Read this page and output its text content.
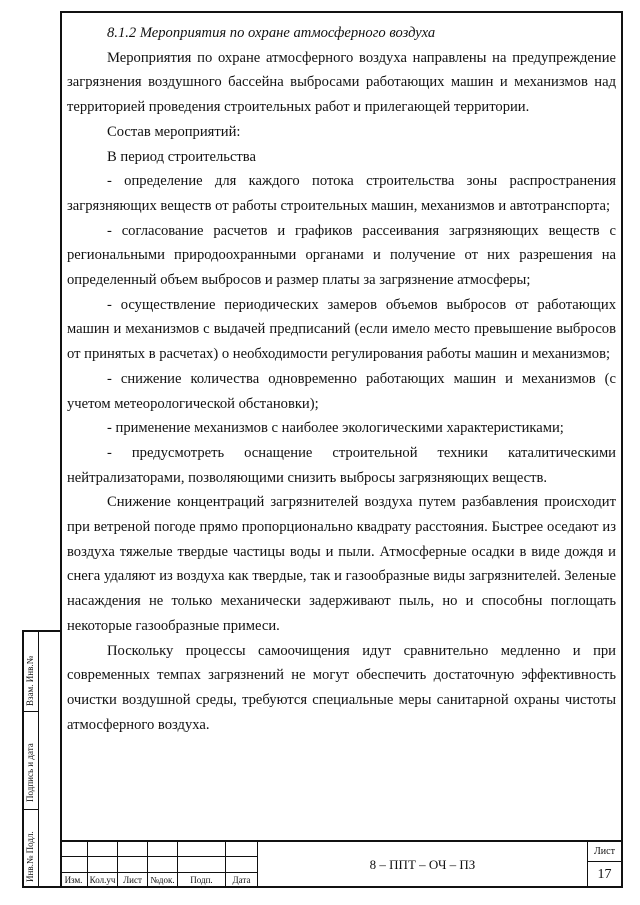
8.1.2 Мероприятия по охране атмосферного воздуха

Мероприятия по охране атмосферного воздуха направлены на предупреждение загрязнения воздушного бассейна выбросами работающих машин и механизмов над территорией проведения строительных работ и прилегающей территории.

Состав мероприятий:

В период строительства

- определение для каждого потока строительства зоны распространения загрязняющих веществ от работы строительных машин, механизмов и автотранспорта;

- согласование расчетов и графиков рассеивания загрязняющих веществ с региональными природоохранными органами и получение от них разрешения на определенный объем выбросов и размер платы за загрязнение атмосферы;

- осуществление периодических замеров объемов выбросов от работающих машин и механизмов с выдачей предписаний (если имело место превышение выбросов от принятых в расчетах) о необходимости регулирования работы машин и механизмов;

- снижение количества одновременно работающих машин и механизмов (с учетом метеорологической обстановки);

- применение механизмов с наиболее экологическими характеристиками;

- предусмотреть оснащение строительной техники каталитическими нейтрализаторами, позволяющими снизить выбросы загрязняющих веществ.

Снижение концентраций загрязнителей воздуха путем разбавления происходит при ветреной погоде прямо пропорционально квадрату расстояния. Быстрее оседают из воздуха тяжелые твердые частицы воды и пыли. Атмосферные осадки в виде дождя и снега удаляют из воздуха как твердые, так и газообразные виды загрязнителей. Зеленые насаждения не только механически задерживают пыль, но и способны поглощать некоторые газообразные примеси.

Поскольку процессы самоочищения идут сравнительно медленно и при современных темпах загрязнений не могут обеспечить достаточную эффективность очистки воздушной среды, требуются специальные меры санитарной охраны чистоты атмосферного воздуха.

Взам. Инв.№
Подпись и дата
Инв.№ Подл.	Изм. Кол.уч Лист №док.	Подп.	Дата
8 – ППТ – ОЧ – ПЗ
Лист
17
